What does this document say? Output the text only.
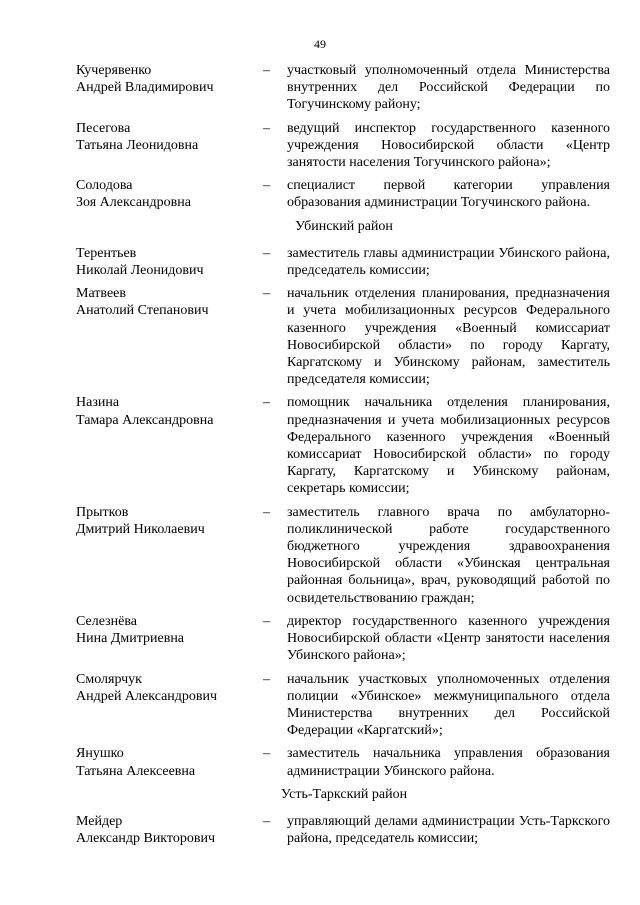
49
Кучерявенко
Андрей Владимирович
– участковый уполномоченный отдела Министерства внутренних дел Российской Федерации по Тогучинскому району;
Песегова
Татьяна Леонидовна
– ведущий инспектор государственного казенного учреждения Новосибирской области «Центр занятости населения Тогучинского района»;
Солодова
Зоя Александровна
– специалист первой категории управления образования администрации Тогучинского района.
Убинский район
Терентьев
Николай Леонидович
– заместитель главы администрации Убинского района, председатель комиссии;
Матвеев
Анатолий Степанович
– начальник отделения планирования, предназначения и учета мобилизационных ресурсов Федерального казенного учреждения «Военный комиссариат Новосибирской области» по городу Каргату, Каргатскому и Убинскому районам, заместитель председателя комиссии;
Назина
Тамара Александровна
– помощник начальника отделения планирования, предназначения и учета мобилизационных ресурсов Федерального казенного учреждения «Военный комиссариат Новосибирской области» по городу Каргату, Каргатскому и Убинскому районам, секретарь комиссии;
Прытков
Дмитрий Николаевич
– заместитель главного врача по амбулаторно-поликлинической работе государственного бюджетного учреждения здравоохранения Новосибирской области «Убинская центральная районная больница», врач, руководящий работой по освидетельствованию граждан;
Селезнёва
Нина Дмитриевна
– директор государственного казенного учреждения Новосибирской области «Центр занятости населения Убинского района»;
Смолярчук
Андрей Александрович
– начальник участковых уполномоченных отделения полиции «Убинское» межмуниципального отдела Министерства внутренних дел Российской Федерации «Каргатский»;
Янушко
Татьяна Алексеевна
– заместитель начальника управления образования администрации Убинского района.
Усть-Таркский район
Мейдер
Александр Викторович
– управляющий делами администрации Усть-Таркского района, председатель комиссии;
